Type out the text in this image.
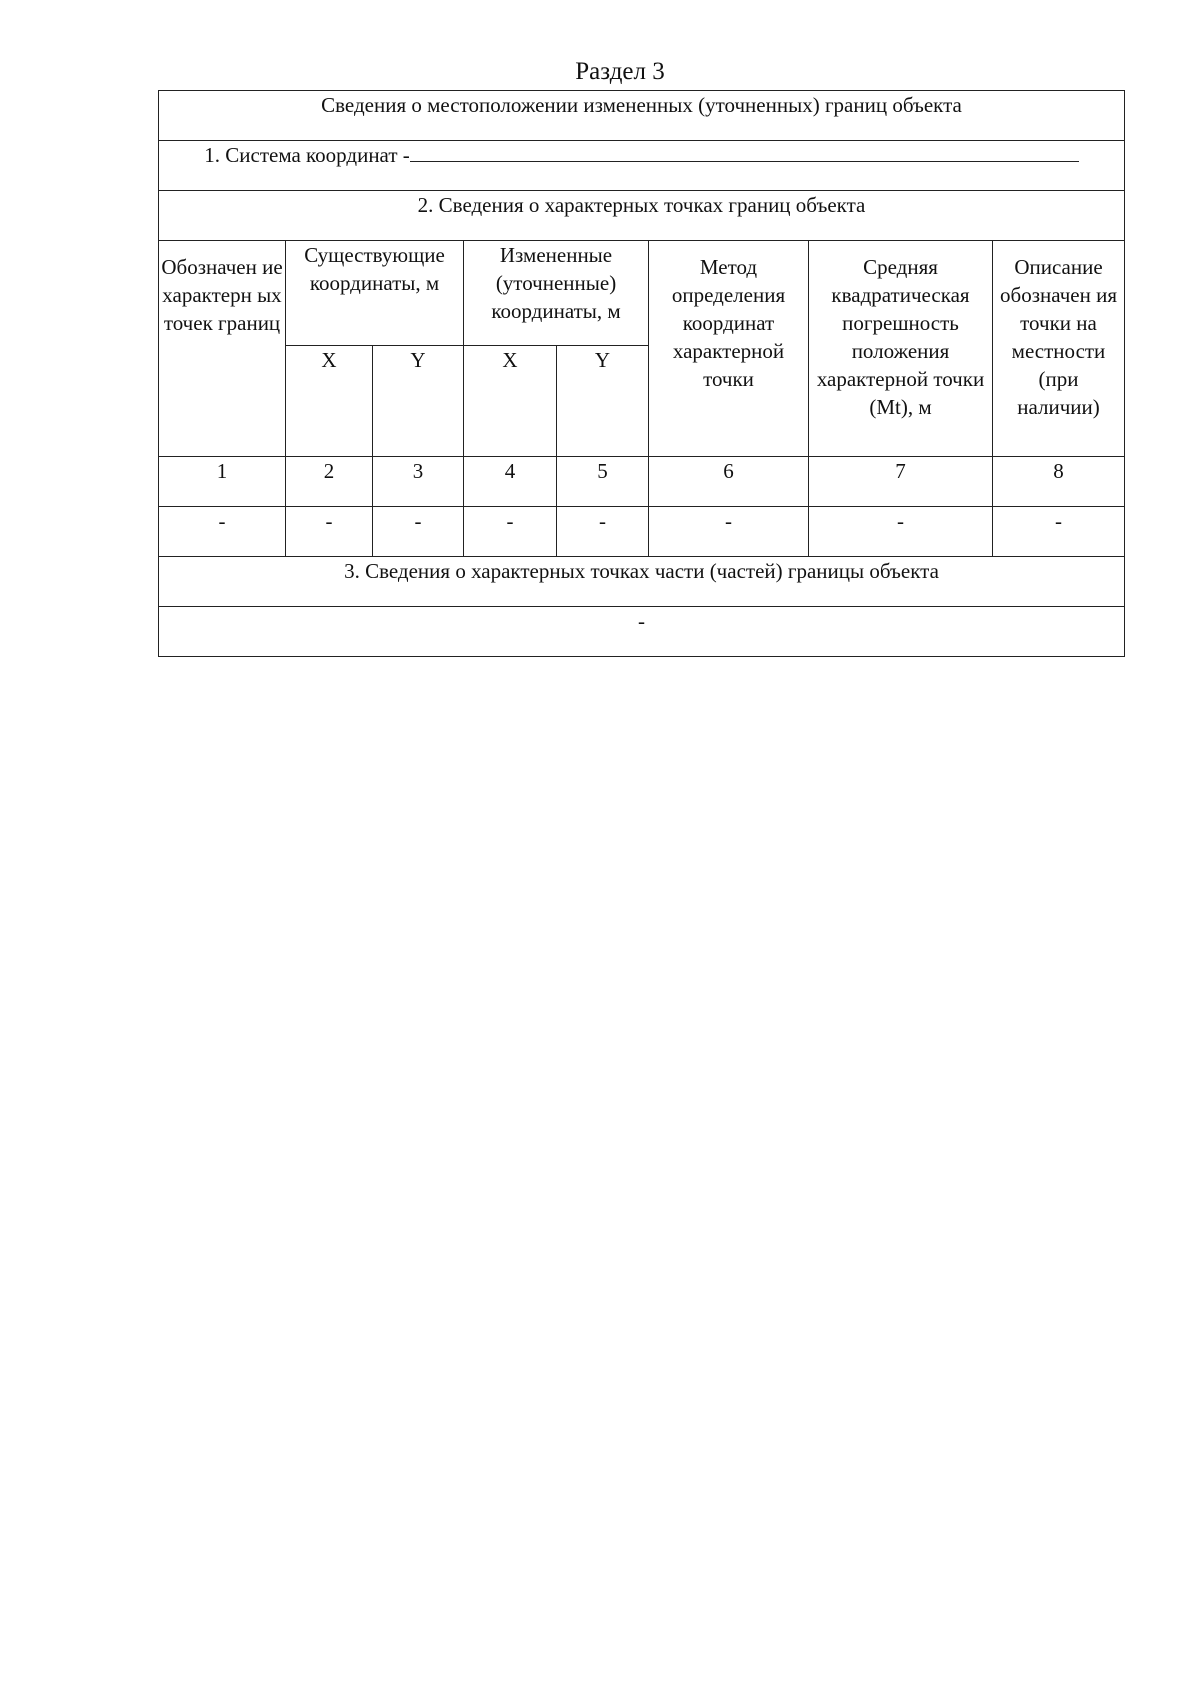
Раздел 3
Сведения о местоположении измененных (уточненных) границ объекта							
1. Система координат -							
2. Сведения о характерных точках границ объекта							

Обозначен ие характерн ых точек границ	Существующие координаты, м		Измененные (уточненные) координаты, м		Метод определения координат характерной точки	Средняя квадратическая погрешность положения характерной точки (Mt), м	Описание обозначен ия точки на местности (при наличии)

	X	Y	X	Y			
1	2	3	4	5	6	7	8
-	-	-	-	-	-	-	-
3. Сведения о характерных точках части (частей) границы объекта							
-							
